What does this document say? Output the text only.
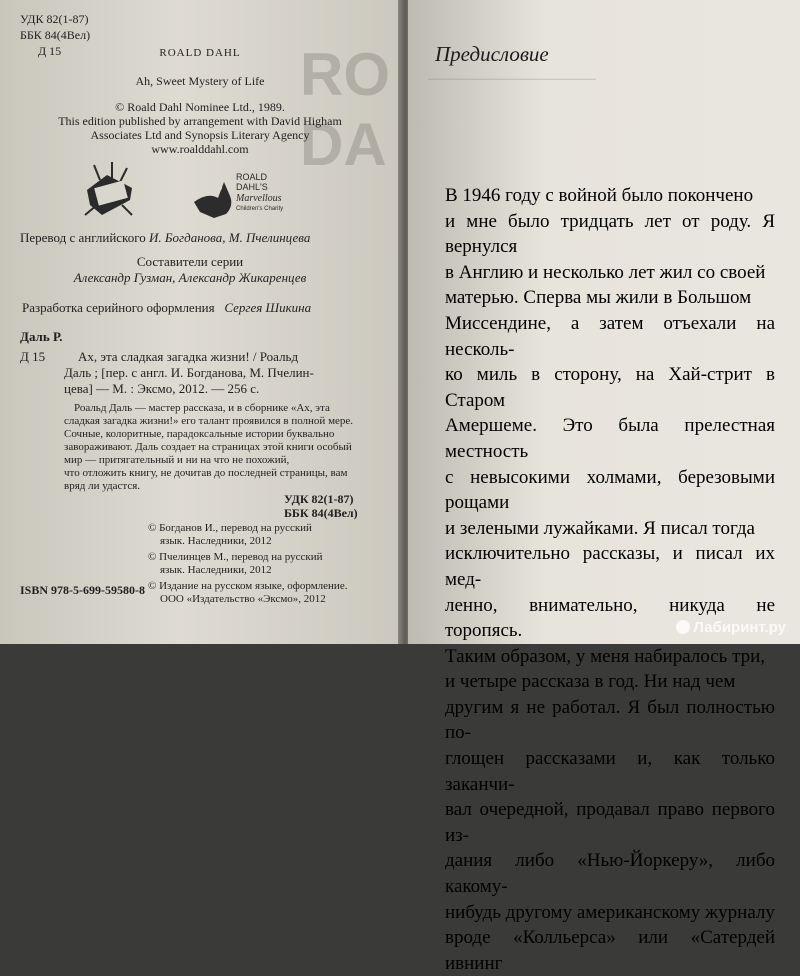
RO
DA
УДК 82(1-87)
ББК 84(4Вел)
Д 15	ROALD DAHL
Ah, Sweet Mystery of Life
© Roald Dahl Nominee Ltd., 1989.
This edition published by arrangement with David Higham
Associates Ltd and Synopsis Literary Agency
www.roalddahl.com
ROALD
DAHL'S
Marvellous
Children's Charity
Перевод с английского И. Богданова, М. Пчелинцева
Составители серии
Александр Гузман, Александр Жикаренцев
Разработка серийного оформления   Сергея Шикина
Даль Р.
Д 15	Ах, эта сладкая загадка жизни! / Роальд
Даль ; [пер. с англ. И. Богданова, М. Пчелин-
цева] — М. : Эксмо, 2012. — 256 с.
Роальд Даль — мастер рассказа, и в сборнике «Ах, эта
сладкая загадка жизни!» его талант проявился в полной мере.
Сочные, колоритные, парадоксальные истории буквально
завораживают. Даль создает на страницах этой книги особый
мир — притягательный и ни на что не похожий,
что отложить книгу, не дочитав до последней страницы, вам
вряд ли удастся.
УДК 82(1-87)
ББК 84(4Вел)
© Богданов И., перевод на русский
язык. Наследники, 2012
© Пчелинцев М., перевод на русский
язык. Наследники, 2012
© Издание на русском языке, оформление.
ООО «Издательство «Эксмо», 2012
ISBN 978-5-699-59580-8
————————————
Предисловие

В 1946 году с войной было покончено

и мне было тридцать лет от роду. Я вернулся

в Англию и несколько лет жил со своей

матерью. Сперва мы жили в Большом

Миссендине, а затем отъехали на несколь-

ко миль в сторону, на Хай-стрит в Старом

Амершеме. Это была прелестная местность

с невысокими холмами, березовыми рощами

и зелеными лужайками. Я писал тогда

исключительно рассказы, и писал их мед-

ленно, внимательно, никуда не торопясь.

Таким образом, у меня набиралось три,

и четыре рассказа в год. Ни над чем

другим я не работал. Я был полностью по-

глощен рассказами и, как только заканчи-

вал очередной, продавал право первого из-

дания либо «Нью-Йоркеру», либо какому-

нибудь другому американскому журналу

вроде «Колльерса» или «Сатердей ивнинг

Лабиринт.ру
